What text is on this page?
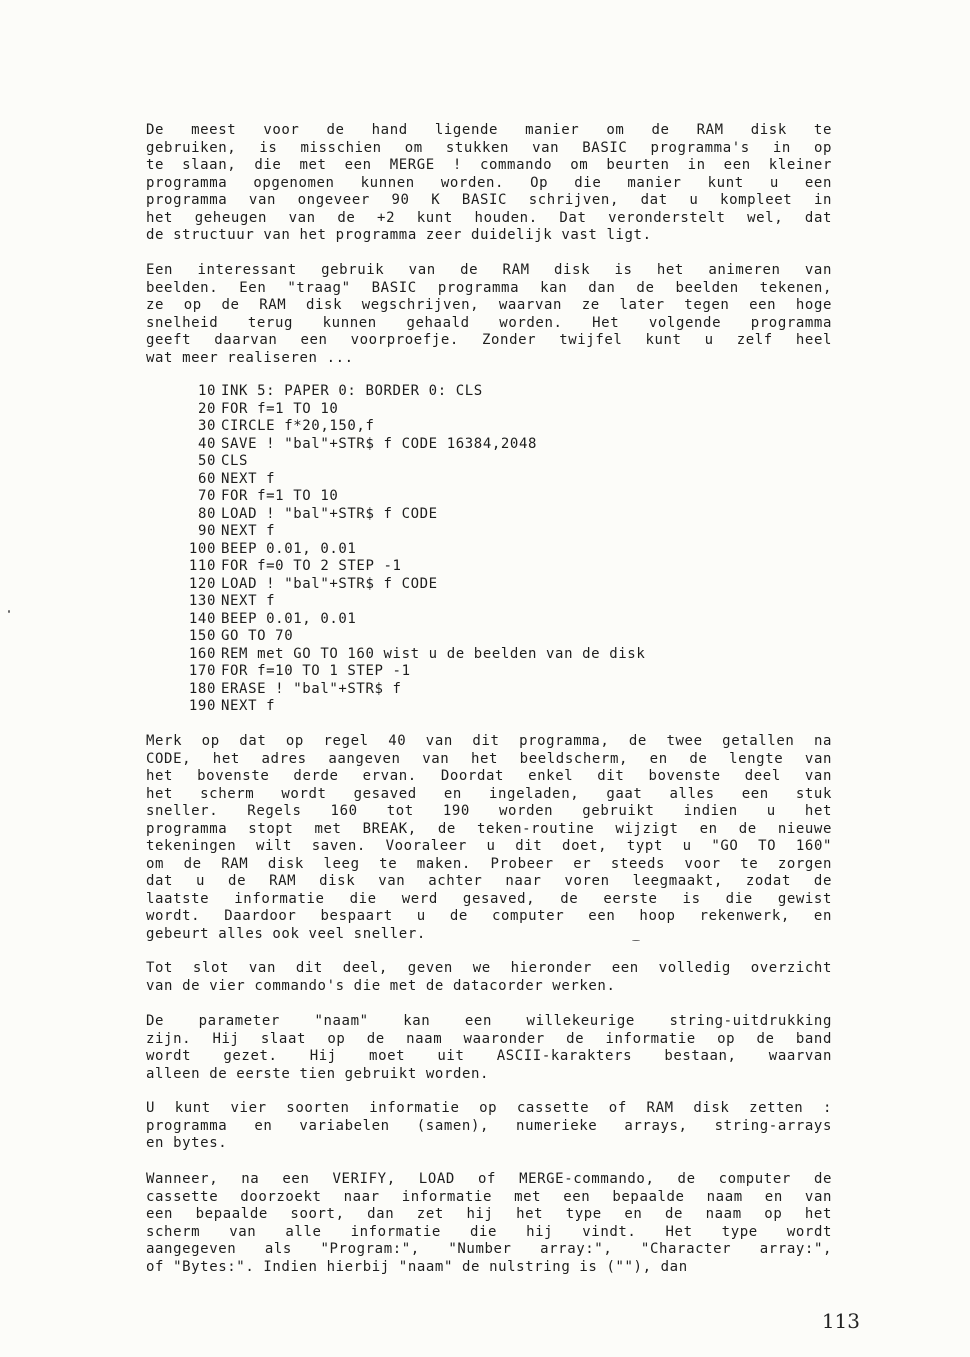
De meest voor de hand ligende manier om de RAM disk te
gebruiken, is misschien om stukken van BASIC programma's in op
te slaan, die met een MERGE ! commando om beurten in een kleiner
programma opgenomen kunnen worden. Op die manier kunt u een
programma van ongeveer 90 K BASIC schrijven, dat u kompleet in
het geheugen van de +2 kunt houden. Dat veronderstelt wel, dat
de structuur van het programma zeer duidelijk vast ligt.
Een interessant gebruik van de RAM disk is het animeren van
beelden. Een "traag" BASIC programma kan dan de beelden tekenen,
ze op de RAM disk wegschrijven, waarvan ze later tegen een hoge
snelheid terug kunnen gehaald worden. Het volgende programma
geeft daarvan een voorproefje. Zonder twijfel kunt u zelf heel
wat meer realiseren ...
10 INK 5: PAPER 0: BORDER 0: CLS
20 FOR f=1 TO 10
30 CIRCLE f*20,150,f
40 SAVE ! "bal"+STR$ f CODE 16384,2048
50 CLS
60 NEXT f
70 FOR f=1 TO 10
80 LOAD ! "bal"+STR$ f CODE
90 NEXT f
100 BEEP 0.01, 0.01
110 FOR f=0 TO 2 STEP -1
120 LOAD ! "bal"+STR$ f CODE
130 NEXT f
140 BEEP 0.01, 0.01
150 GO TO 70
160 REM met GO TO 160 wist u de beelden van de disk
170 FOR f=10 TO 1 STEP -1
180 ERASE ! "bal"+STR$ f
190 NEXT f
Merk op dat op regel 40 van dit programma, de twee getallen na
CODE, het adres aangeven van het beeldscherm, en de lengte van
het bovenste derde ervan. Doordat enkel dit bovenste deel van
het scherm wordt gesaved en ingeladen, gaat alles een stuk
sneller. Regels 160 tot 190 worden gebruikt indien u het
programma stopt met BREAK, de teken-routine wijzigt en de nieuwe
tekeningen wilt saven. Vooraleer u dit doet, typt u "GO TO 160"
om de RAM disk leeg te maken. Probeer er steeds voor te zorgen
dat u de RAM disk van achter naar voren leegmaakt, zodat de
laatste informatie die werd gesaved, de eerste is die gewist
wordt. Daardoor bespaart u de computer een hoop rekenwerk, en
gebeurt alles ook veel sneller.
Tot slot van dit deel, geven we hieronder een volledig overzicht
van de vier commando's die met de datacorder werken.
De parameter "naam" kan een willekeurige string-uitdrukking
zijn. Hij slaat op de naam waaronder de informatie op de band
wordt gezet. Hij moet uit ASCII-karakters bestaan, waarvan
alleen de eerste tien gebruikt worden.
U kunt vier soorten informatie op cassette of RAM disk zetten :
programma en variabelen (samen), numerieke arrays, string-arrays
en bytes.
Wanneer, na een VERIFY, LOAD of MERGE-commando, de computer de
cassette doorzoekt naar informatie met een bepaalde naam en van
een bepaalde soort, dan zet hij het type en de naam op het
scherm van alle informatie die hij vindt. Het type wordt
aangegeven als "Program:", "Number array:", "Character array:",
of "Bytes:". Indien hierbij "naam" de nulstring is (""), dan
113
